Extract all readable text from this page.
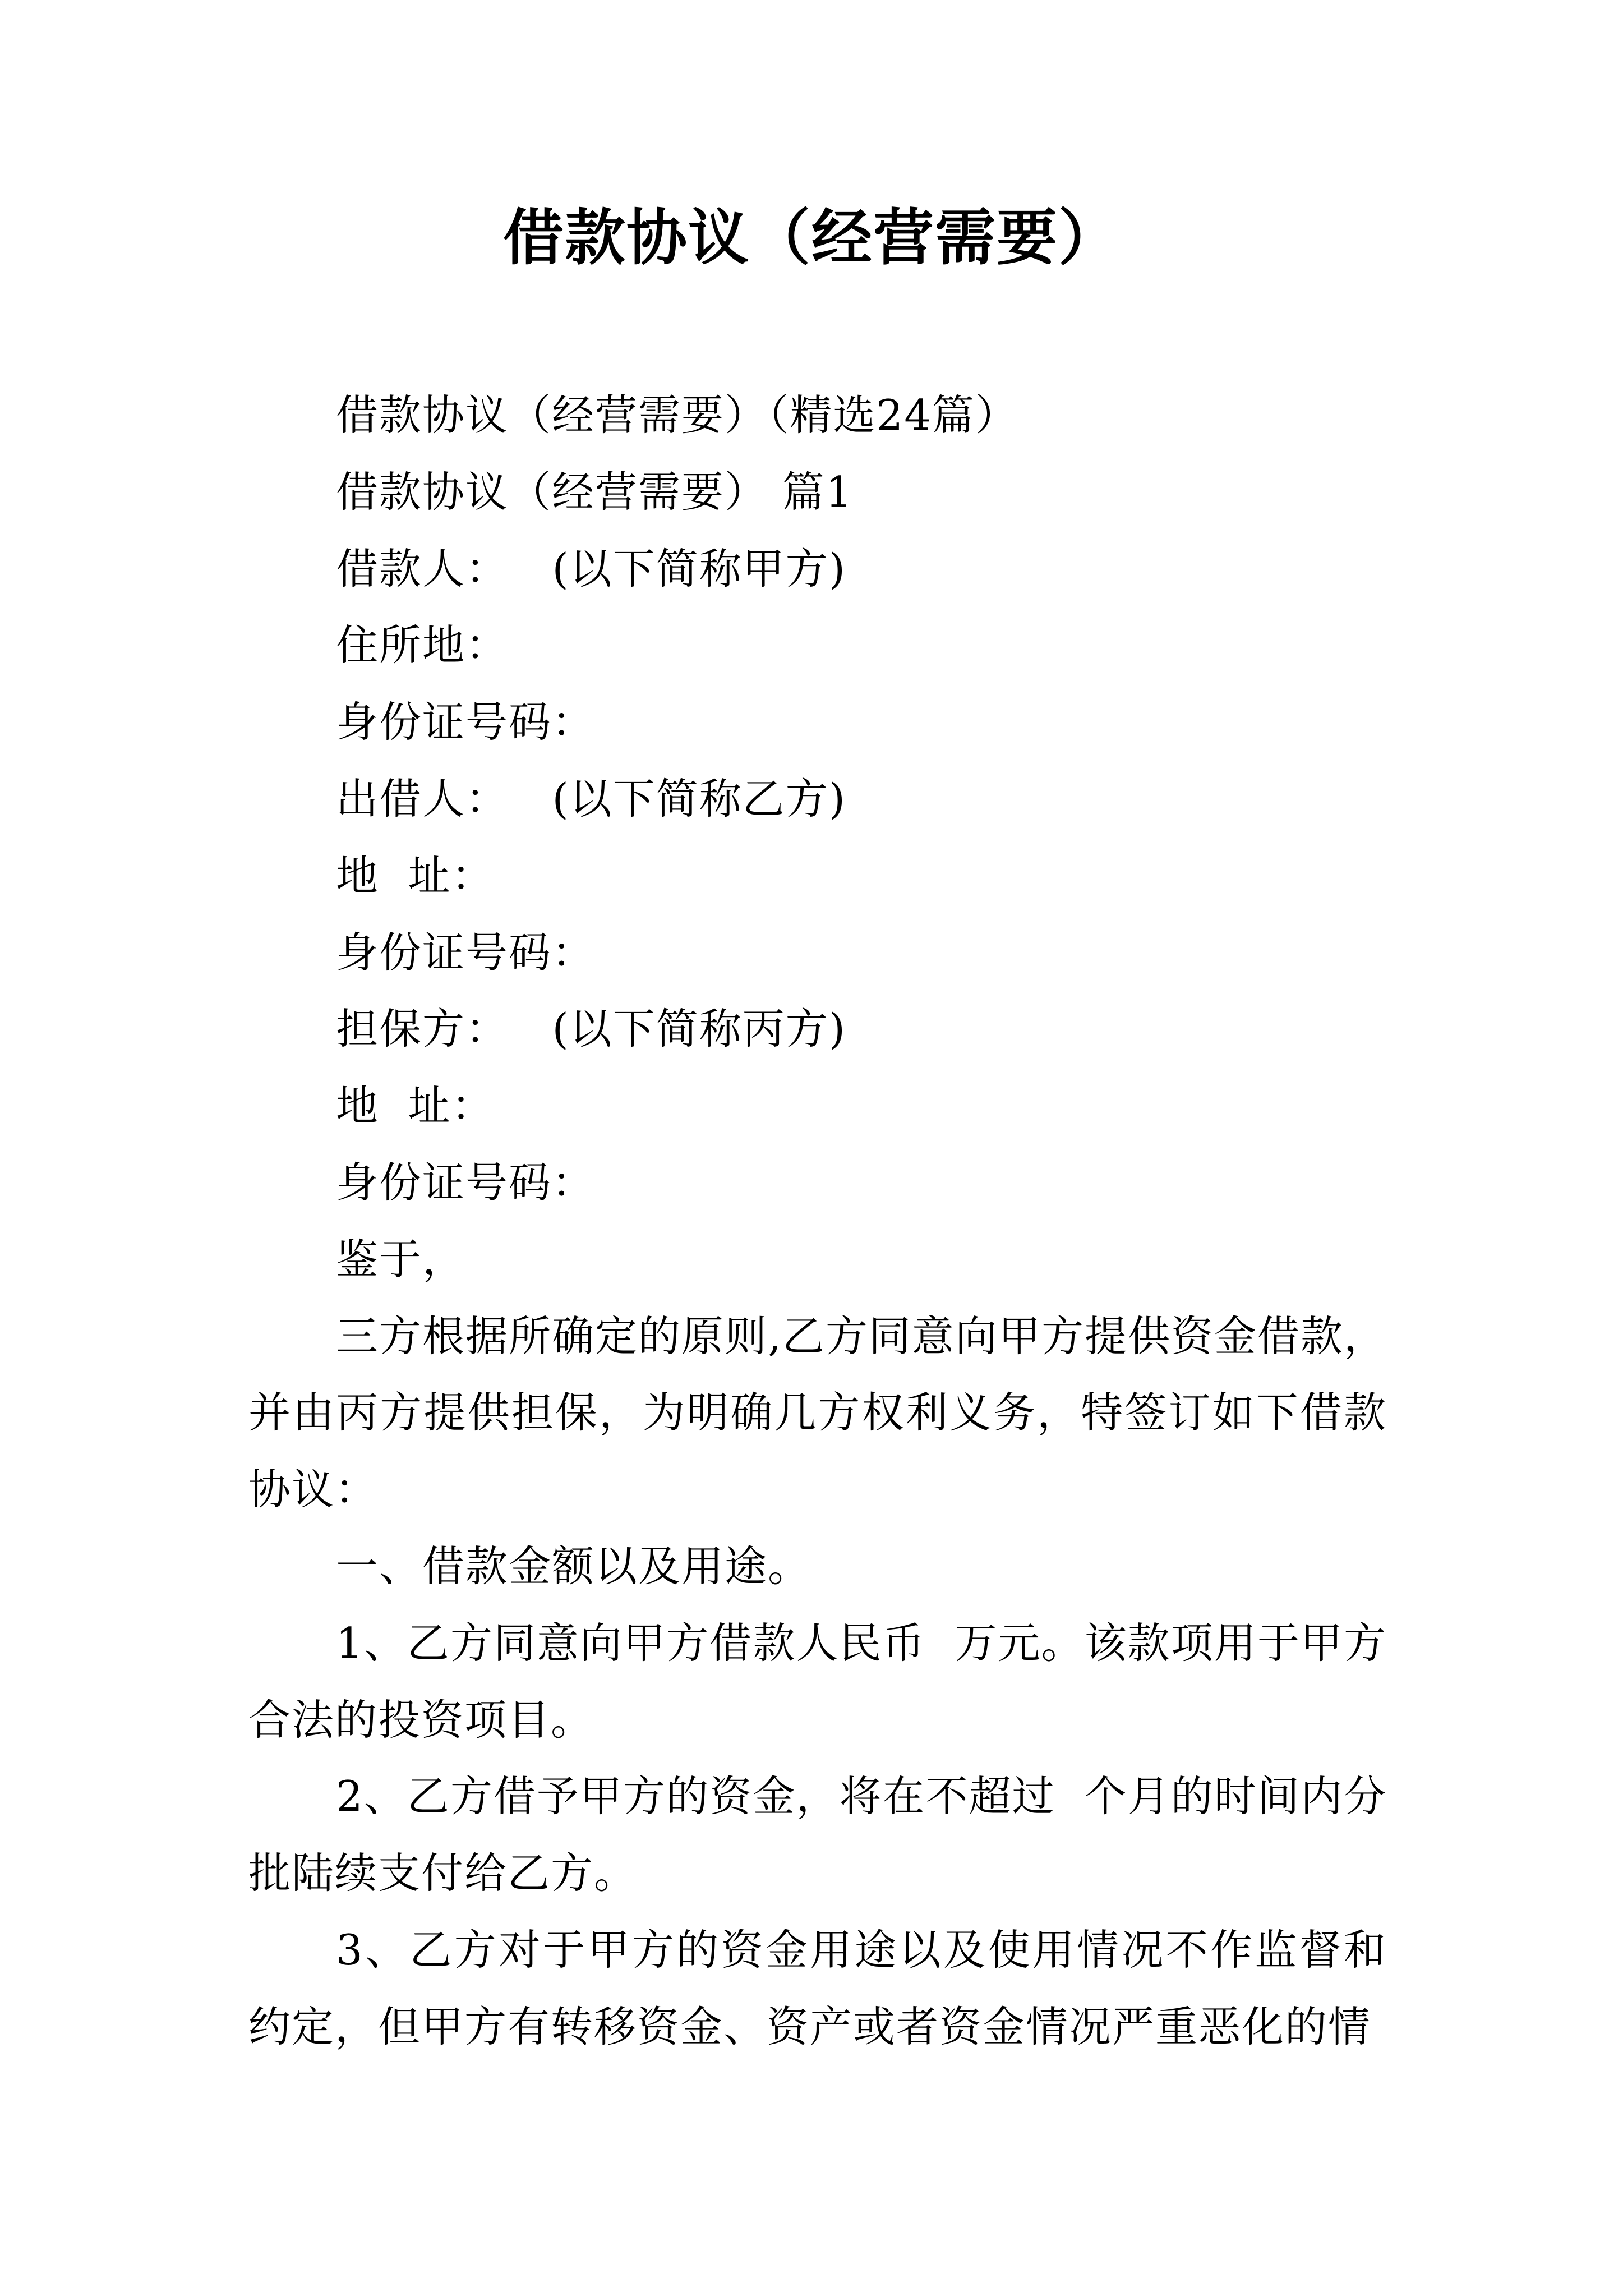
借款协议（经营需要）

借款协议（经营需要）（精选24篇）

借款协议（经营需要） 篇1

借款人：   (以下简称甲方)

住所地：

身份证号码：

出借人：   (以下简称乙方)

地  址：

身份证号码：

担保方：   (以下简称丙方)

地  址：

身份证号码：

鉴于，

三方根据所确定的原则,乙方同意向甲方提供资金借款，并由丙方提供担保，为明确几方权利义务，特签订如下借款协议：

一、借款金额以及用途。

1、乙方同意向甲方借款人民币  万元。该款项用于甲方合法的投资项目。

2、乙方借予甲方的资金，将在不超过  个月的时间内分批陆续支付给乙方。

3、乙方对于甲方的资金用途以及使用情况不作监督和约定，但甲方有转移资金、资产或者资金情况严重恶化的情
